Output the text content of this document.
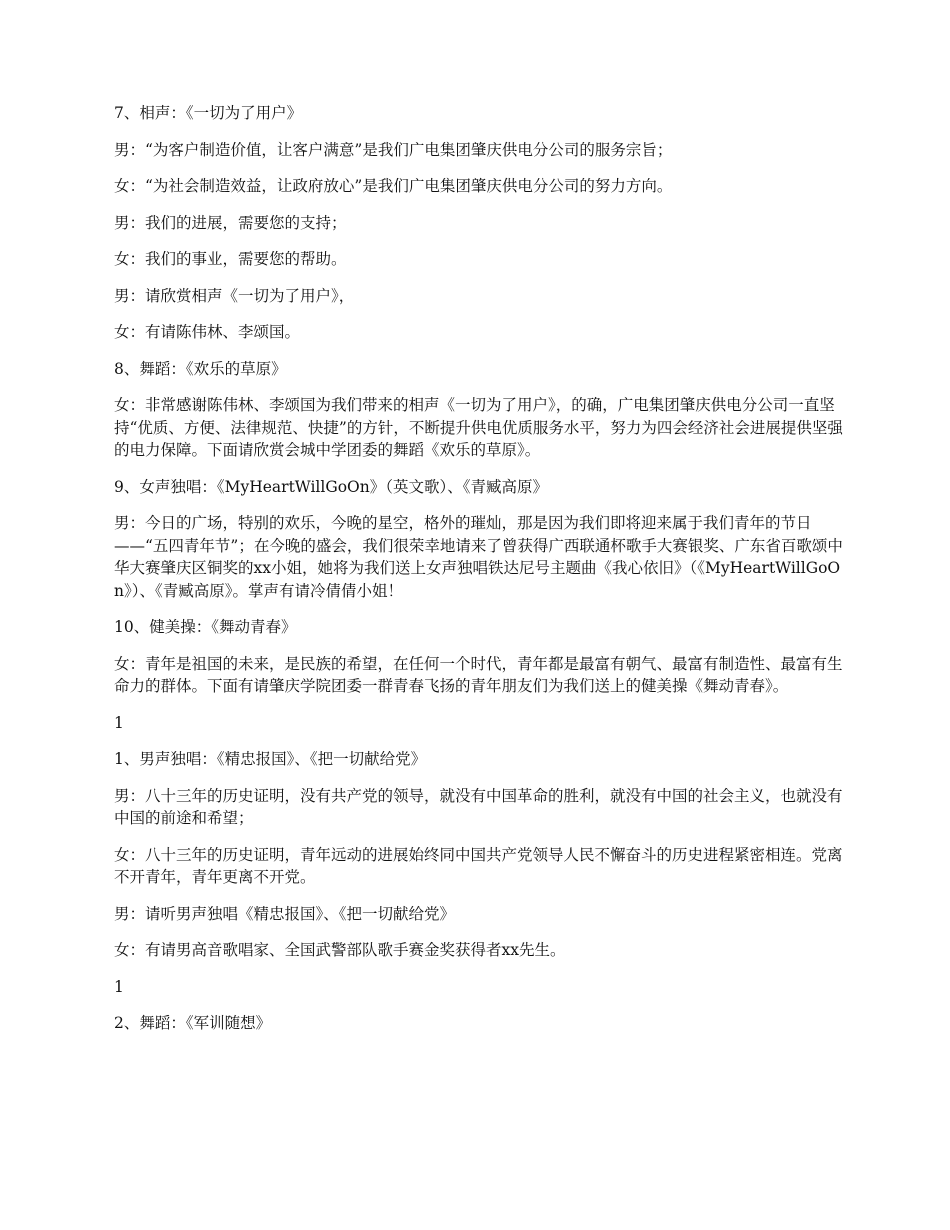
7、相声：《一切为了用户》

男：“为客户制造价值，让客户满意”是我们广电集团肇庆供电分公司的服务宗旨；

女：“为社会制造效益，让政府放心”是我们广电集团肇庆供电分公司的努力方向。

男：我们的进展，需要您的支持；

女：我们的事业，需要您的帮助。

男：请欣赏相声《一切为了用户》，

女：有请陈伟林、李颂国。

8、舞蹈：《欢乐的草原》

女：非常感谢陈伟林、李颂国为我们带来的相声《一切为了用户》，的确，广电集团肇庆供电分公司一直坚持“优质、方便、法律规范、快捷”的方针，不断提升供电优质服务水平，努力为四会经济社会进展提供坚强的电力保障。下面请欣赏会城中学团委的舞蹈《欢乐的草原》。

9、女声独唱：《MyHeartWillGoOn》（英文歌）、《青臧高原》

男：今日的广场，特别的欢乐，今晚的星空，格外的璀灿，那是因为我们即将迎来属于我们青年的节日——“五四青年节”；在今晚的盛会，我们很荣幸地请来了曾获得广西联通杯歌手大赛银奖、广东省百歌颂中华大赛肇庆区铜奖的xx小姐，她将为我们送上女声独唱铁达尼号主题曲《我心依旧》（《MyHeartWillGoOn》）、《青臧高原》。掌声有请冷倩倩小姐！

10、健美操：《舞动青春》

女：青年是祖国的未来，是民族的希望，在任何一个时代，青年都是最富有朝气、最富有制造性、最富有生命力的群体。下面有请肇庆学院团委一群青春飞扬的青年朋友们为我们送上的健美操《舞动青春》。

1

1、男声独唱：《精忠报国》、《把一切献给党》

男：八十三年的历史证明，没有共产党的领导，就没有中国革命的胜利，就没有中国的社会主义，也就没有中国的前途和希望；

女：八十三年的历史证明，青年远动的进展始终同中国共产党领导人民不懈奋斗的历史进程紧密相连。党离不开青年，青年更离不开党。

男：请听男声独唱《精忠报国》、《把一切献给党》

女：有请男高音歌唱家、全国武警部队歌手赛金奖获得者xx先生。

1

2、舞蹈：《军训随想》
